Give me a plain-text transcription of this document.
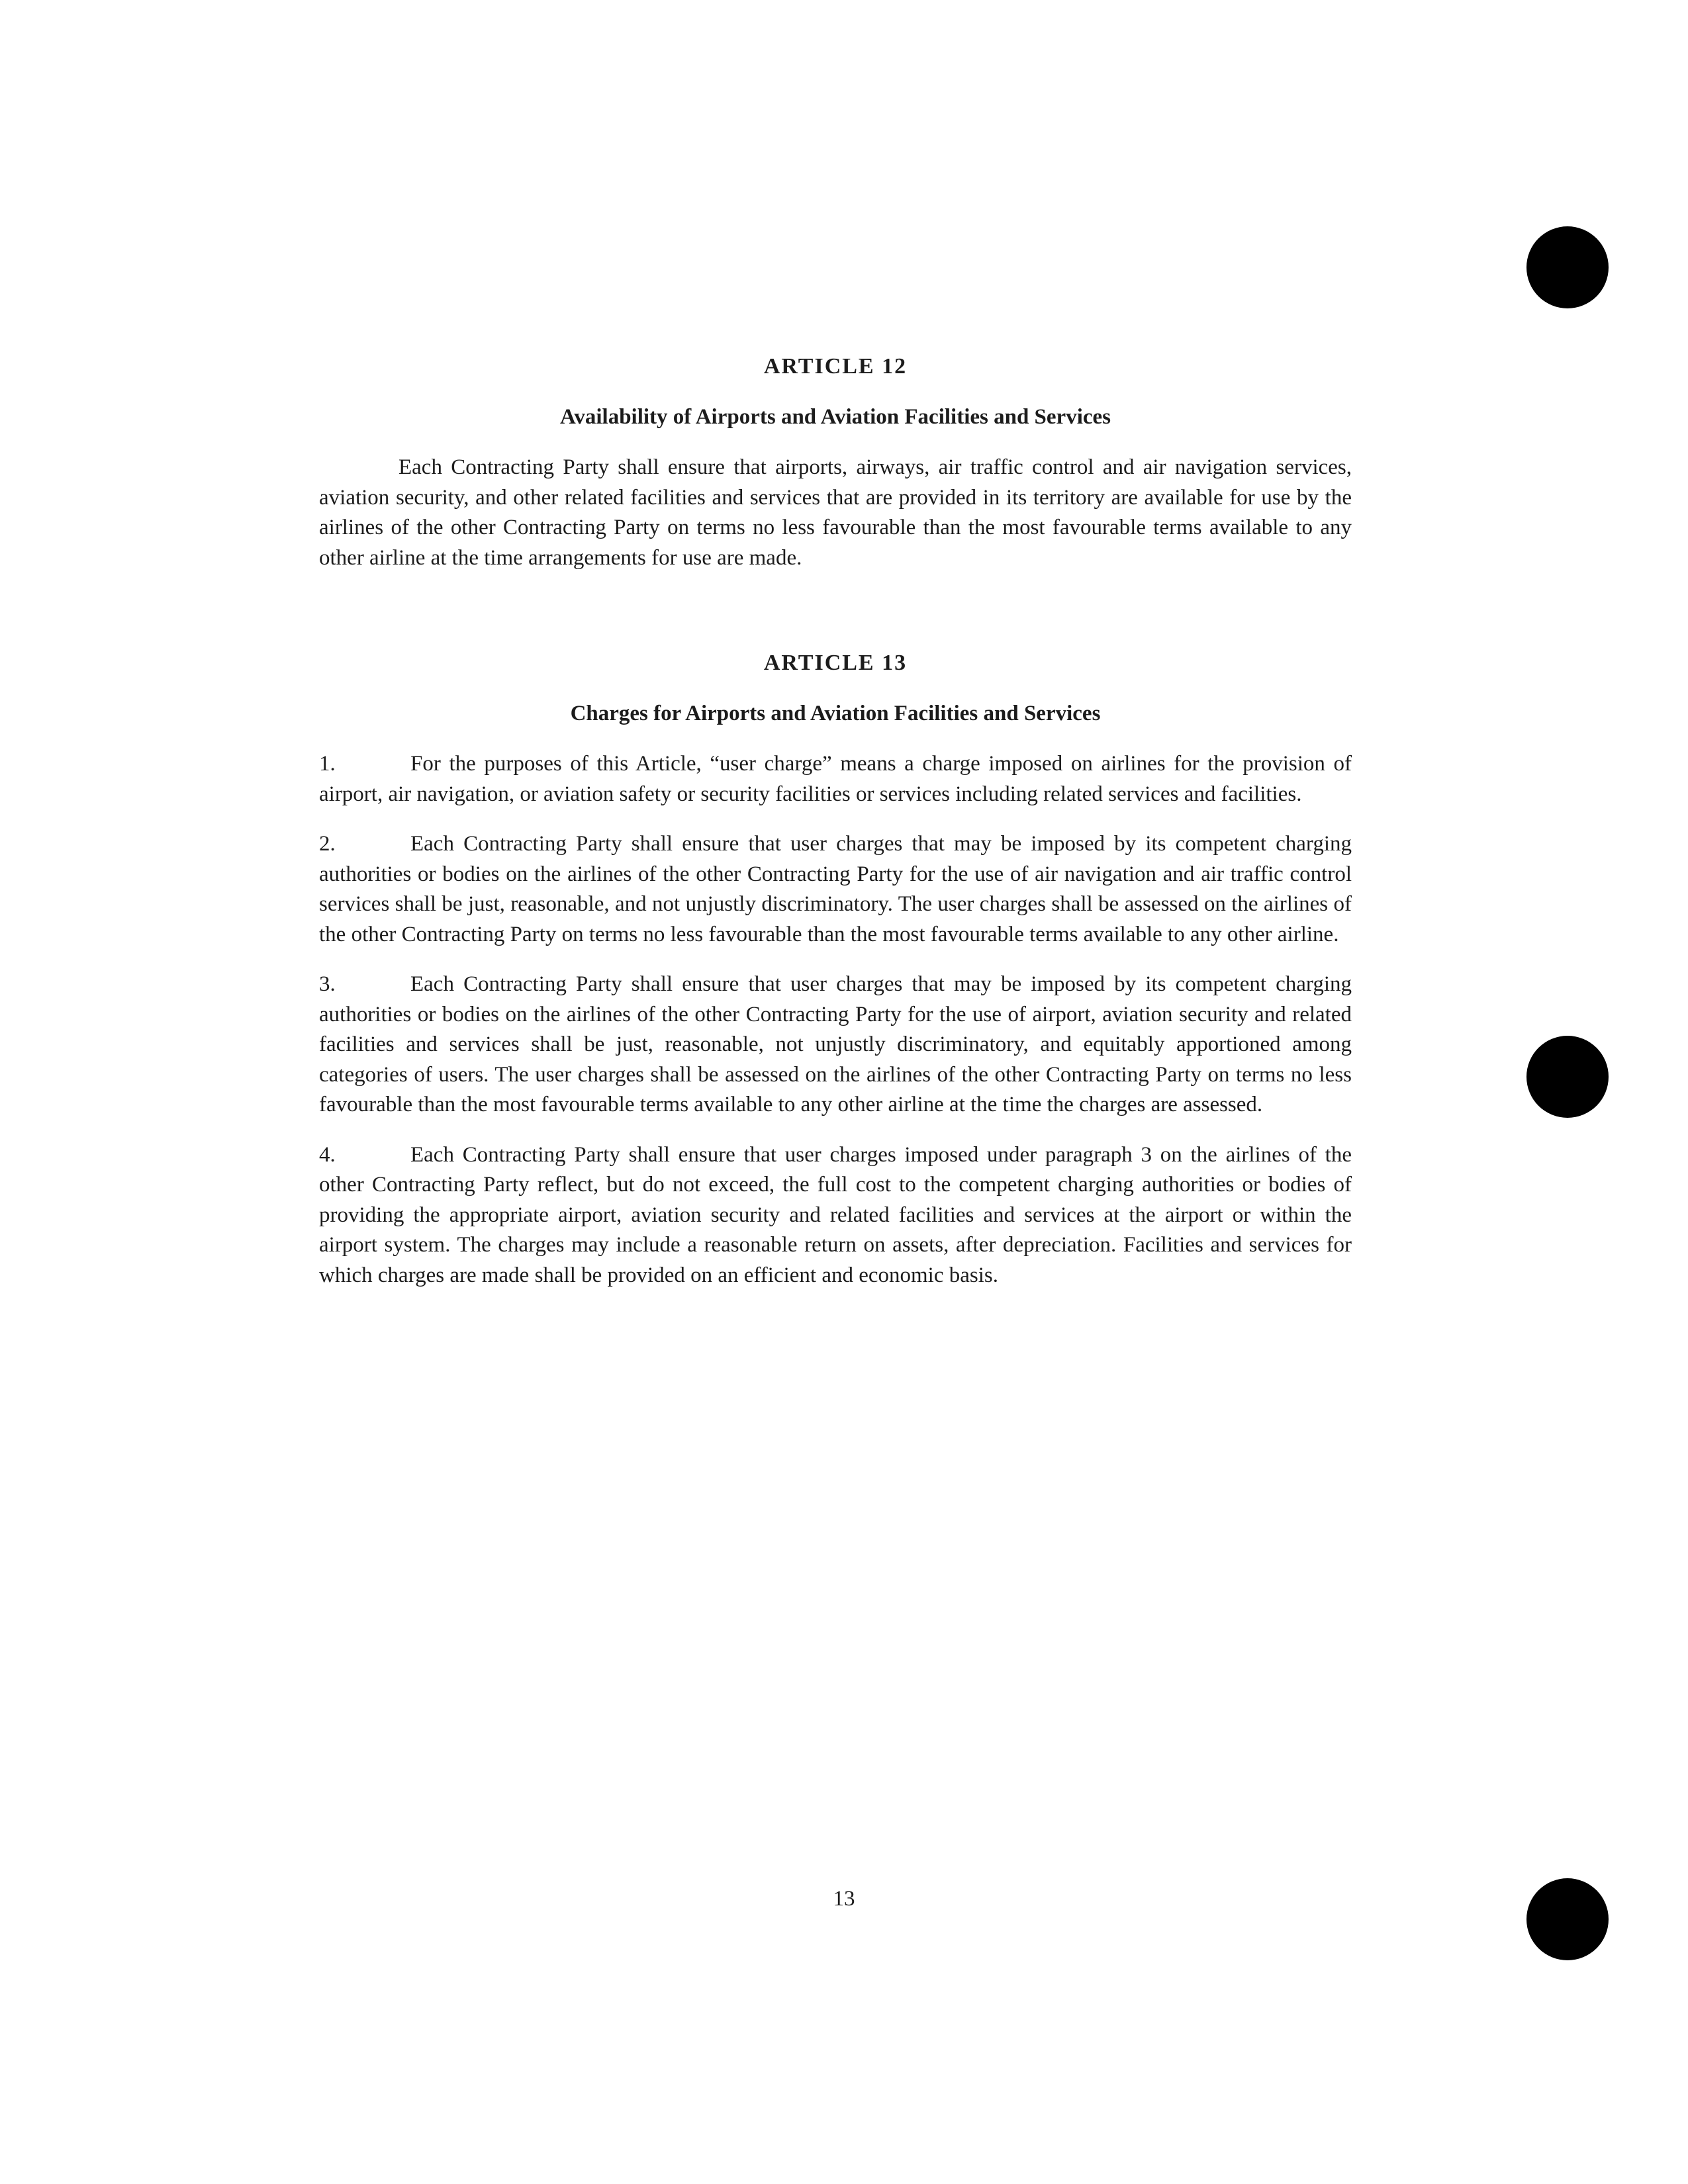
ARTICLE 12
Availability of Airports and Aviation Facilities and Services

Each Contracting Party shall ensure that airports, airways, air traffic control and air navigation services, aviation security, and other related facilities and services that are provided in its territory are available for use by the airlines of the other Contracting Party on terms no less favourable than the most favourable terms available to any other airline at the time arrangements for use are made.

ARTICLE 13
Charges for Airports and Aviation Facilities and Services

1.	For the purposes of this Article, “user charge” means a charge imposed on airlines for the provision of airport, air navigation, or aviation safety or security facilities or services including related services and facilities.

2.	Each Contracting Party shall ensure that user charges that may be imposed by its competent charging authorities or bodies on the airlines of the other Contracting Party for the use of air navigation and air traffic control services shall be just, reasonable, and not unjustly discriminatory. The user charges shall be assessed on the airlines of the other Contracting Party on terms no less favourable than the most favourable terms available to any other airline.

3.	Each Contracting Party shall ensure that user charges that may be imposed by its competent charging authorities or bodies on the airlines of the other Contracting Party for the use of airport, aviation security and related facilities and services shall be just, reasonable, not unjustly discriminatory, and equitably apportioned among categories of users. The user charges shall be assessed on the airlines of the other Contracting Party on terms no less favourable than the most favourable terms available to any other airline at the time the charges are assessed.

4.	Each Contracting Party shall ensure that user charges imposed under paragraph 3 on the airlines of the other Contracting Party reflect, but do not exceed, the full cost to the competent charging authorities or bodies of providing the appropriate airport, aviation security and related facilities and services at the airport or within the airport system. The charges may include a reasonable return on assets, after depreciation. Facilities and services for which charges are made shall be provided on an efficient and economic basis.

13
